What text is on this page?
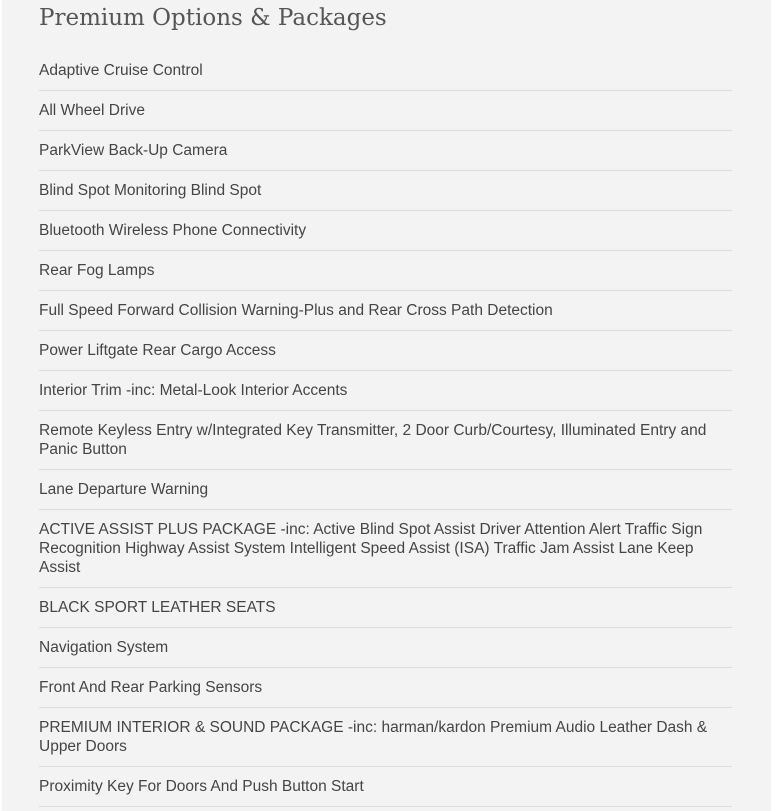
Premium Options & Packages
Adaptive Cruise Control
All Wheel Drive
ParkView Back-Up Camera
Blind Spot Monitoring Blind Spot
Bluetooth Wireless Phone Connectivity
Rear Fog Lamps
Full Speed Forward Collision Warning-Plus and Rear Cross Path Detection
Power Liftgate Rear Cargo Access
Interior Trim -inc: Metal-Look Interior Accents
Remote Keyless Entry w/Integrated Key Transmitter, 2 Door Curb/Courtesy, Illuminated Entry and Panic Button
Lane Departure Warning
ACTIVE ASSIST PLUS PACKAGE -inc: Active Blind Spot Assist Driver Attention Alert Traffic Sign Recognition Highway Assist System Intelligent Speed Assist (ISA) Traffic Jam Assist Lane Keep Assist
BLACK SPORT LEATHER SEATS
Navigation System
Front And Rear Parking Sensors
PREMIUM INTERIOR & SOUND PACKAGE -inc: harman/kardon Premium Audio Leather Dash & Upper Doors
Proximity Key For Doors And Push Button Start
